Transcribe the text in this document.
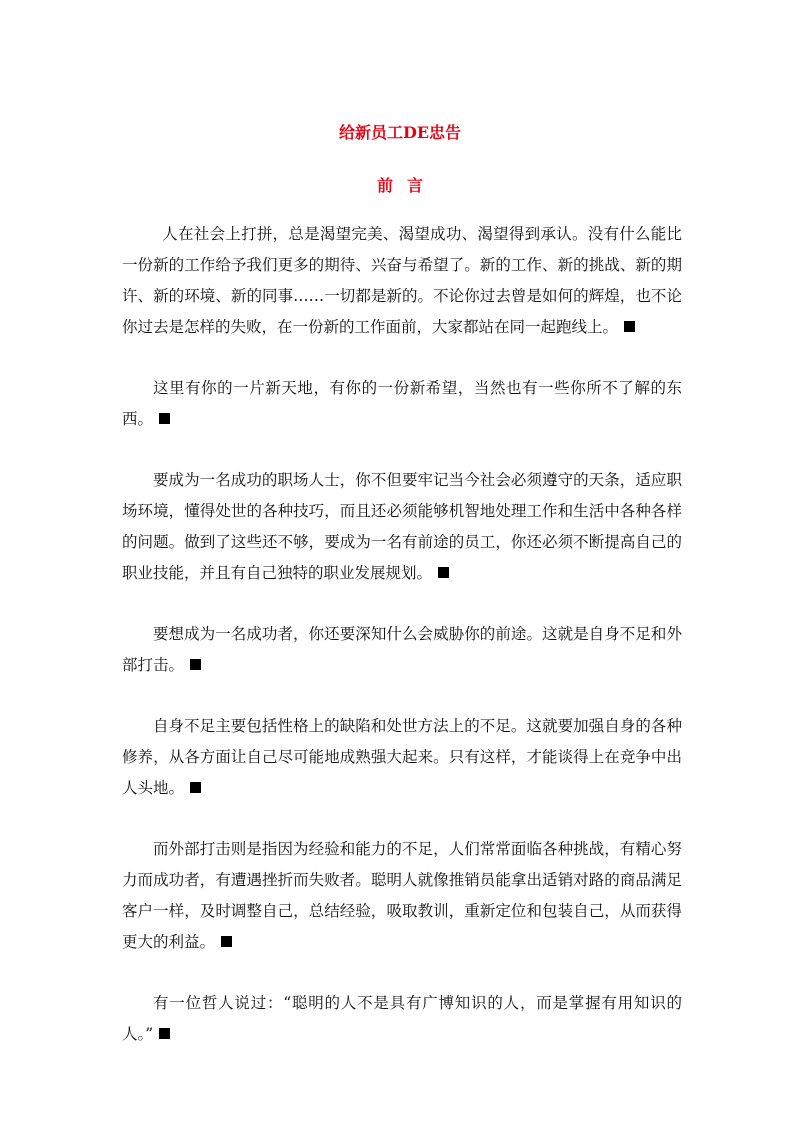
给新员工DE忠告
前言

人在社会上打拼，总是渴望完美、渴望成功、渴望得到承认。没有什么能比一份新的工作给予我们更多的期待、兴奋与希望了。新的工作、新的挑战、新的期许、新的环境、新的同事……一切都是新的。不论你过去曾是如何的辉煌，也不论你过去是怎样的失败，在一份新的工作面前，大家都站在同一起跑线上。

这里有你的一片新天地，有你的一份新希望，当然也有一些你所不了解的东西。

要成为一名成功的职场人士，你不但要牢记当今社会必须遵守的天条，适应职场环境，懂得处世的各种技巧，而且还必须能够机智地处理工作和生活中各种各样的问题。做到了这些还不够，要成为一名有前途的员工，你还必须不断提高自己的职业技能，并且有自己独特的职业发展规划。

要想成为一名成功者，你还要深知什么会威胁你的前途。这就是自身不足和外部打击。

自身不足主要包括性格上的缺陷和处世方法上的不足。这就要加强自身的各种修养，从各方面让自己尽可能地成熟强大起来。只有这样，才能谈得上在竞争中出人头地。

而外部打击则是指因为经验和能力的不足，人们常常面临各种挑战，有精心努力而成功者，有遭遇挫折而失败者。聪明人就像推销员能拿出适销对路的商品满足客户一样，及时调整自己，总结经验，吸取教训，重新定位和包装自己，从而获得更大的利益。

有一位哲人说过：“聪明的人不是具有广博知识的人，而是掌握有用知识的人。”
